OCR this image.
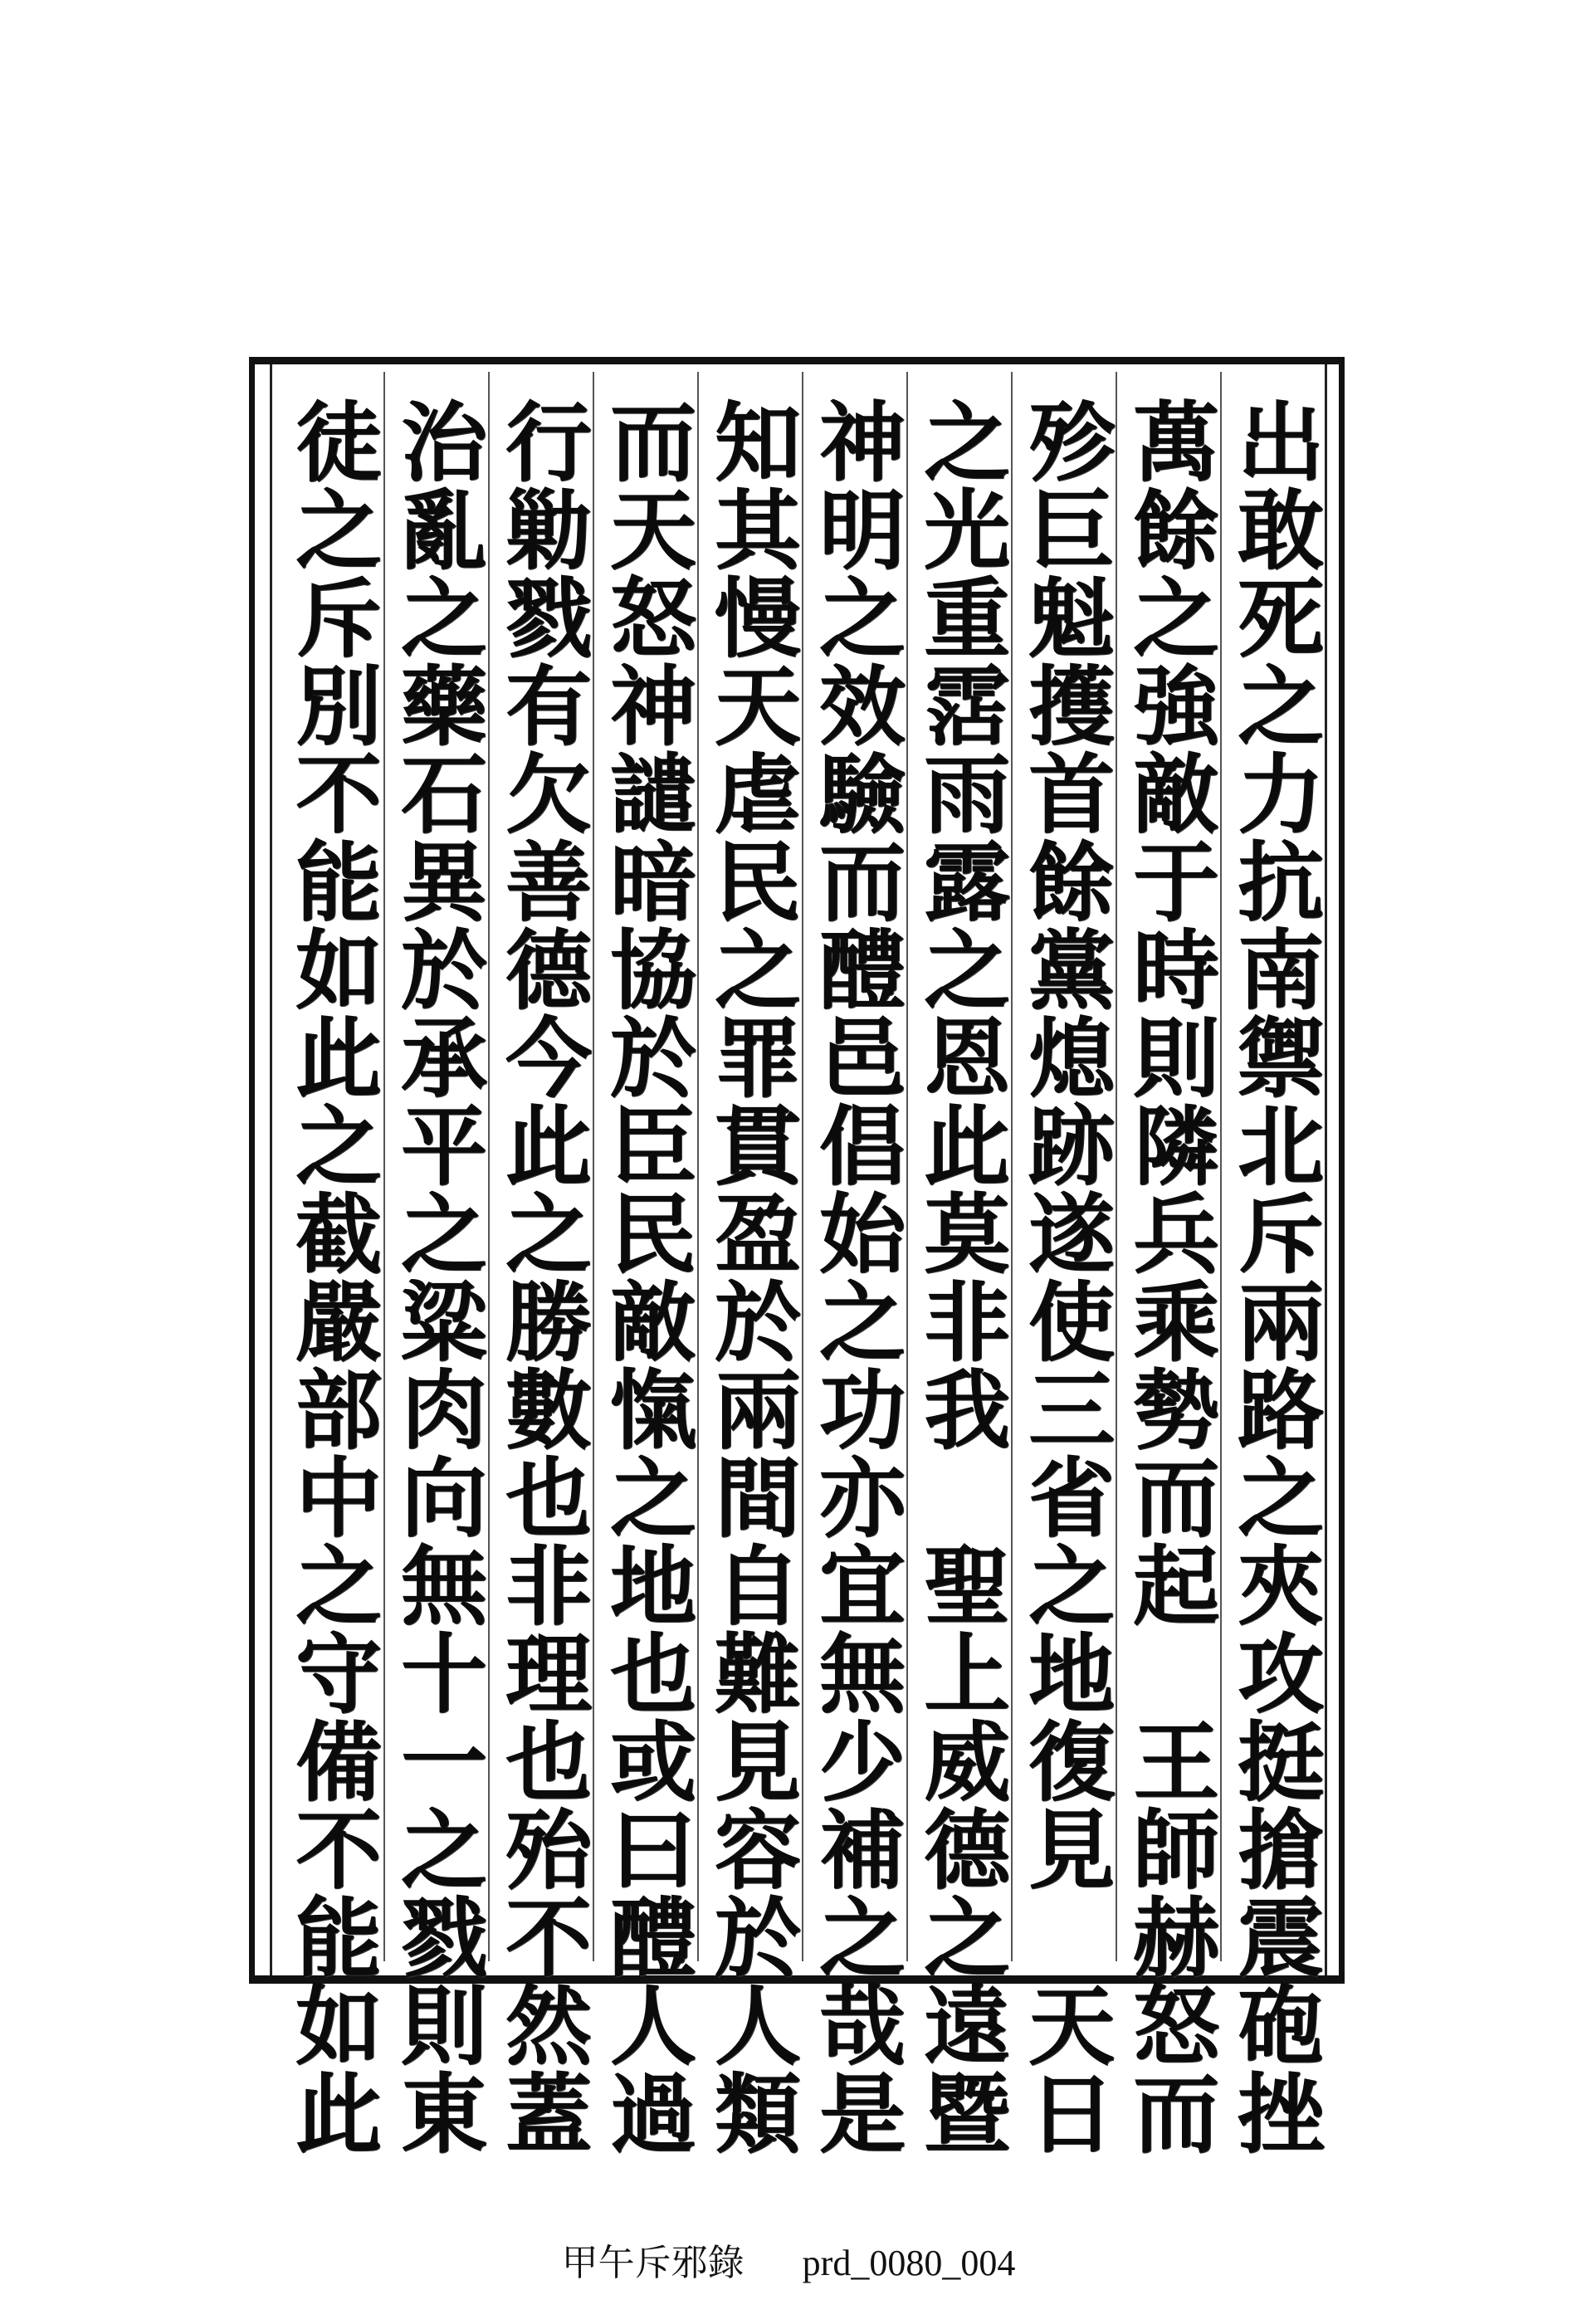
出敢死之力抗南禦北斥兩路之夾攻挺搶震砲挫
萬餘之強敵于時則隣兵乘勢而起　王師赫怒而
殄巨魁擭首餘黨熄跡遂使三省之地復見　天日
之光重霑雨露之恩此莫非我　聖上威德之遠暨
神明之效驗而醴邑倡始之功亦宜無少補之哉是
知其慢天虐民之罪貫盈於兩間自難見容於人類
而天怒神譴暗協於臣民敵愾之地也或曰醴人過
行勦戮有欠善德今此之勝數也非理也殆不然蓋
治亂之藥石異於承平之粱肉向無十一之戮則東
徒之斥別不能如此之截嚴部中之守備不能如此
甲午斥邪錄 prd_0080_004
